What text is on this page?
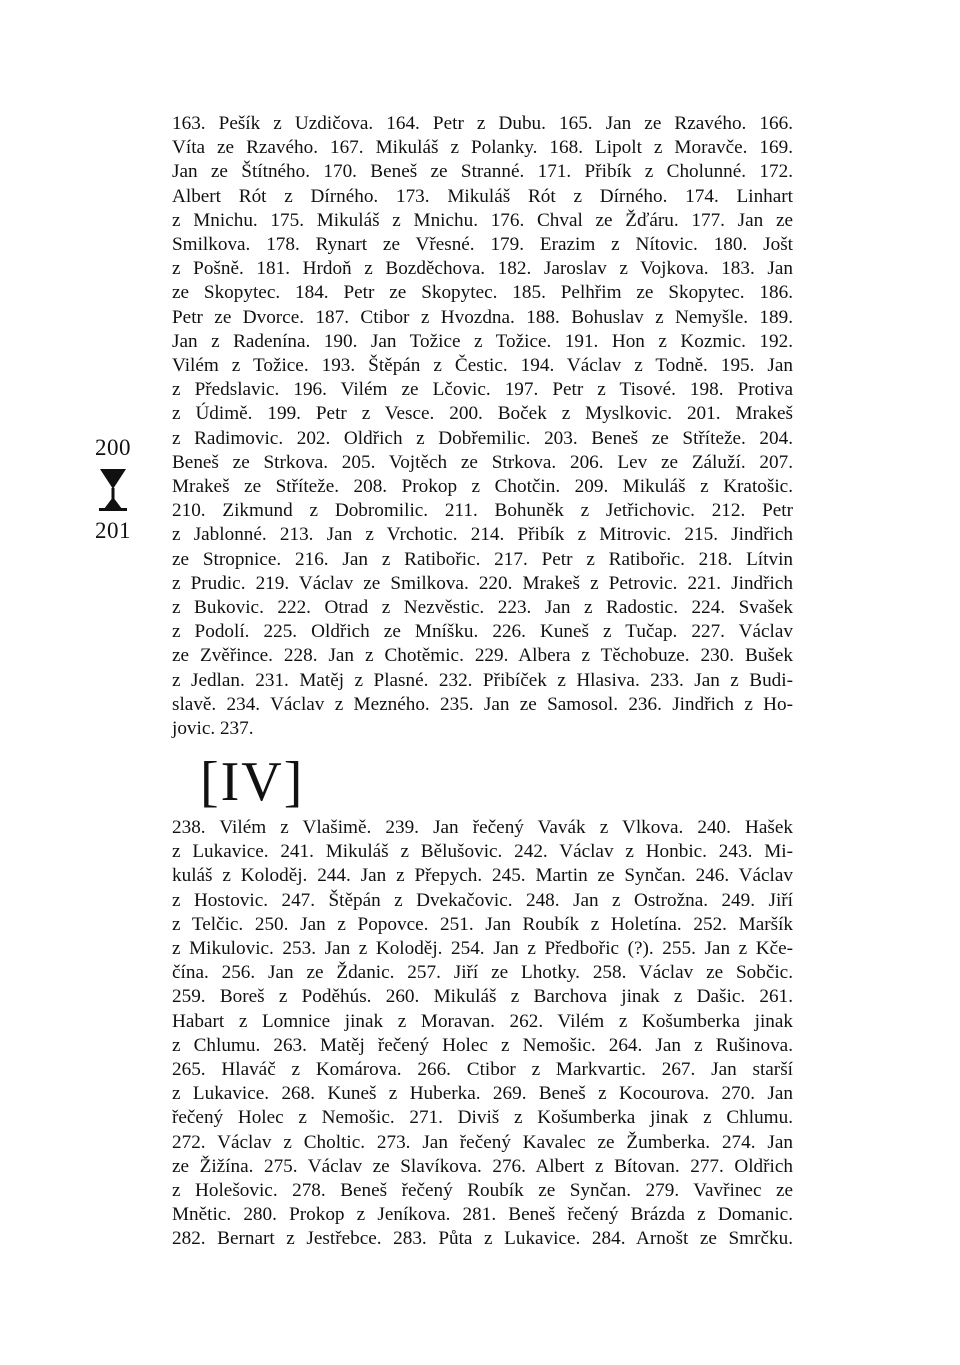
200
201
163. Pešík z Uzdičova. 164. Petr z Dubu. 165. Jan ze Rzavého. 166.
Víta ze Rzavého. 167. Mikuláš z Polanky. 168. Lipolt z Moravče. 169.
Jan ze Štítného. 170. Beneš ze Stranné. 171. Přibík z Cholunné. 172.
Albert Rót z Dírného. 173. Mikuláš Rót z Dírného. 174. Linhart
z Mnichu. 175. Mikuláš z Mnichu. 176. Chval ze Žďáru. 177. Jan ze
Smilkova. 178. Rynart ze Vřesné. 179. Erazim z Nítovic. 180. Jošt
z Pošně. 181. Hrdoň z Bozděchova. 182. Jaroslav z Vojkova. 183. Jan
ze Skopytec. 184. Petr ze Skopytec. 185. Pelhřim ze Skopytec. 186.
Petr ze Dvorce. 187. Ctibor z Hvozdna. 188. Bohuslav z Nemyšle. 189.
Jan z Radenína. 190. Jan Tožice z Tožice. 191. Hon z Kozmic. 192.
Vilém z Tožice. 193. Štěpán z Čestic. 194. Václav z Todně. 195. Jan
z Předslavic. 196. Vilém ze Lčovic. 197. Petr z Tisové. 198. Protiva
z Údimě. 199. Petr z Vesce. 200. Boček z Myslkovic. 201. Mrakeš
z Radimovic. 202. Oldřich z Dobřemilic. 203. Beneš ze Stříteže. 204.
Beneš ze Strkova. 205. Vojtěch ze Strkova. 206. Lev ze Záluží. 207.
Mrakeš ze Stříteže. 208. Prokop z Chotčin. 209. Mikuláš z Kratošic.
210. Zikmund z Dobromilic. 211. Bohuněk z Jetřichovic. 212. Petr
z Jablonné. 213. Jan z Vrchotic. 214. Přibík z Mitrovic. 215. Jindřich
ze Stropnice. 216. Jan z Ratibořic. 217. Petr z Ratibořic. 218. Lítvin
z Prudic. 219. Václav ze Smilkova. 220. Mrakeš z Petrovic. 221. Jindřich
z Bukovic. 222. Otrad z Nezvěstic. 223. Jan z Radostic. 224. Svašek
z Podolí. 225. Oldřich ze Mníšku. 226. Kuneš z Tučap. 227. Václav
ze Zvěřince. 228. Jan z Chotěmic. 229. Albera z Těchobuze. 230. Bušek
z Jedlan. 231. Matěj z Plasné. 232. Přibíček z Hlasiva. 233. Jan z Budi-
slavě. 234. Václav z Mezného. 235. Jan ze Samosol. 236. Jindřich z Ho-
jovic. 237.
[IV]
238. Vilém z Vlašimě. 239. Jan řečený Vavák z Vlkova. 240. Hašek
z Lukavice. 241. Mikuláš z Bělušovic. 242. Václav z Honbic. 243. Mi-
kuláš z Koloděj. 244. Jan z Přepych. 245. Martin ze Synčan. 246. Václav
z Hostovic. 247. Štěpán z Dvekačovic. 248. Jan z Ostrožna. 249. Jiří
z Telčic. 250. Jan z Popovce. 251. Jan Roubík z Holetína. 252. Maršík
z Mikulovic. 253. Jan z Koloděj. 254. Jan z Předbořic (?). 255. Jan z Kče-
čína. 256. Jan ze Ždanic. 257. Jiří ze Lhotky. 258. Václav ze Sobčic.
259. Boreš z Poděhús. 260. Mikuláš z Barchova jinak z Dašic. 261.
Habart z Lomnice jinak z Moravan. 262. Vilém z Košumberka jinak
z Chlumu. 263. Matěj řečený Holec z Nemošic. 264. Jan z Rušinova.
265. Hlaváč z Komárova. 266. Ctibor z Markvartic. 267. Jan starší
z Lukavice. 268. Kuneš z Huberka. 269. Beneš z Kocourova. 270. Jan
řečený Holec z Nemošic. 271. Diviš z Košumberka jinak z Chlumu.
272. Václav z Choltic. 273. Jan řečený Kavalec ze Žumberka. 274. Jan
ze Žižína. 275. Václav ze Slavíkova. 276. Albert z Bítovan. 277. Oldřich
z Holešovic. 278. Beneš řečený Roubík ze Synčan. 279. Vavřinec ze
Mnětic. 280. Prokop z Jeníkova. 281. Beneš řečený Brázda z Domanic.
282. Bernart z Jestřebce. 283. Půta z Lukavice. 284. Arnošt ze Smrčku.
